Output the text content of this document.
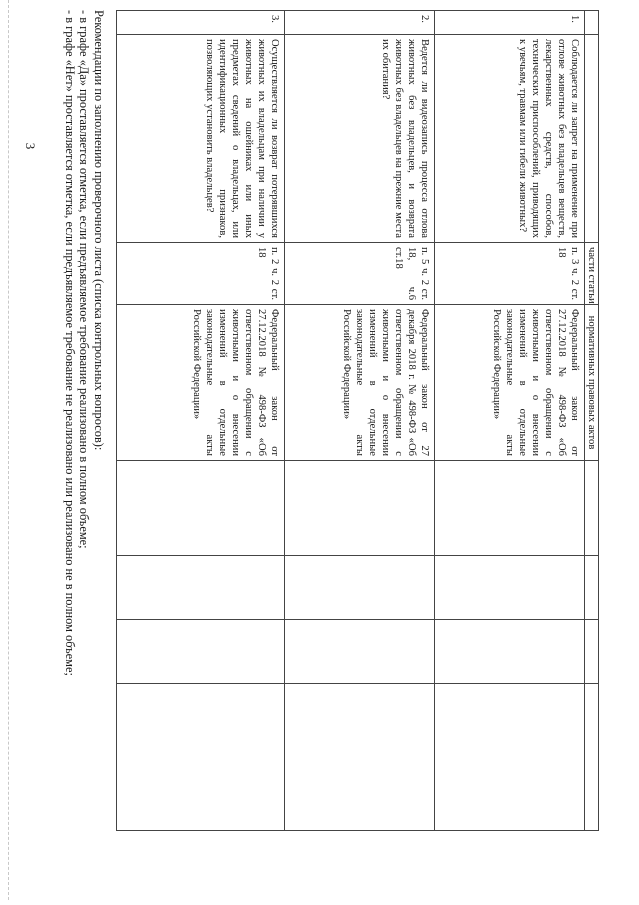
3
		части статьи	нормативных правовых актов				
1.	Соблюдается ли запрет на применение при отлове животных без владельцев веществ, лекарственных средств, способов, технических приспособлений, приводящих к увечьям, травмам или гибели животных?	п. 3 ч. 2 ст. 18	Федеральный закон от 27.12.2018 № 498-ФЗ «Об ответственном обращении с животными и о внесении изменений в отдельные законодательные акты Российской Федерации»				
2.	Ведется ли видеозапись процесса отлова животных без владельцев, и возврата животных без владельцев на прежние места их обитания?	п. 5 ч. 2 ст. 18, ч.6 ст.18	Федеральный закон от 27 декабря 2018 г. № 498-ФЗ «Об ответственном обращении с животными и о внесении изменений в отдельные законодательные акты Российской Федерации»				
3.	Осуществляется ли возврат потерявшихся животных их владельцам при наличии у животных на ошейниках или иных предметах сведений о владельцах, или идентификационных признаков, позволяющих установить владельцев?	п. 2 ч. 2 ст. 18	Федеральный закон от 27.12.2018 № 498-ФЗ «Об ответственном обращении с животными и о внесении изменений в отдельные законодательные акты Российской Федерации»				
Рекомендации по заполнению проверочного листа (списка контрольных вопросов):
- в графе «Да» проставляется отметка, если предъявляемое требование реализовано в полном объеме;
- в графе «Нет» проставляется отметка, если предъявляемое требование не реализовано или реализовано не в полном объеме;
